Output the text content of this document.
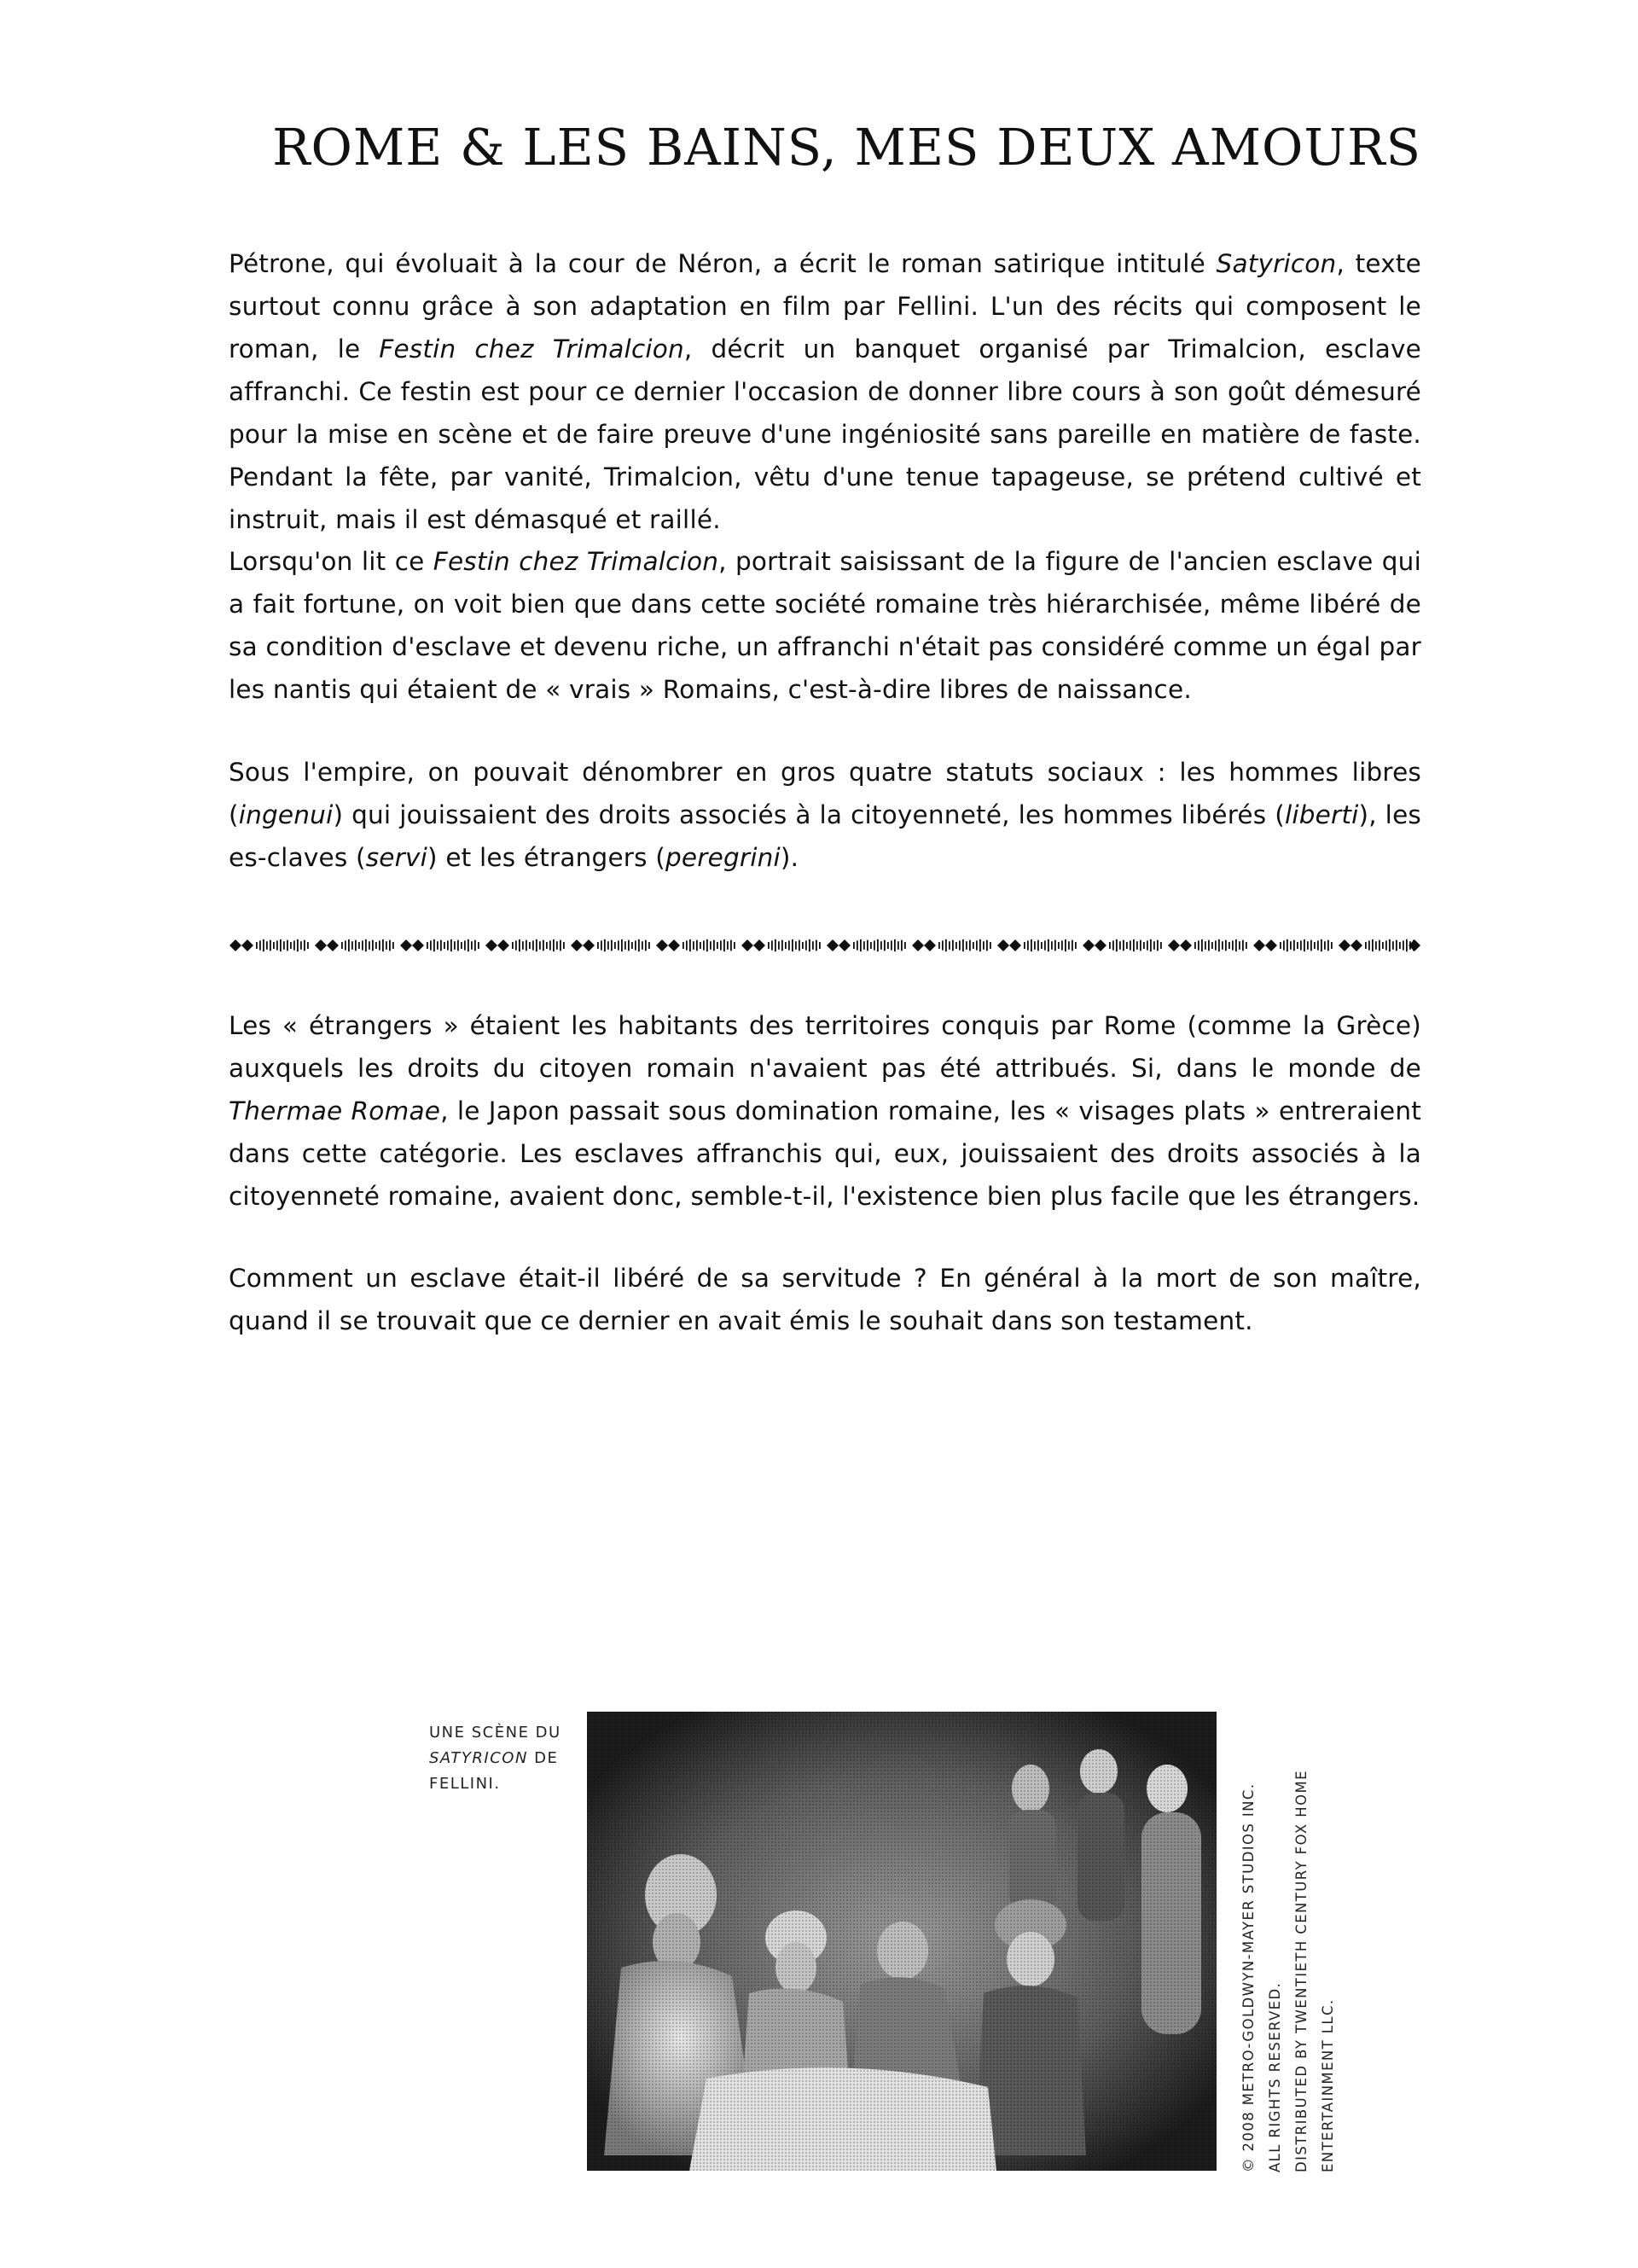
ROME & LES BAINS, MES DEUX AMOURS

Pétrone, qui évoluait à la cour de Néron, a écrit le roman satirique intitulé Satyricon, texte surtout connu grâce à son adaptation en film par Fellini. L'un des récits qui composent le roman, le Festin chez Trimalcion, décrit un banquet organisé par Trimalcion, esclave affranchi. Ce festin est pour ce dernier l'occasion de donner libre cours à son goût démesuré pour la mise en scène et de faire preuve d'une ingéniosité sans pareille en matière de faste. Pendant la fête, par vanité, Trimalcion, vêtu d'une tenue tapageuse, se prétend cultivé et instruit, mais il est démasqué et raillé.

Lorsqu'on lit ce Festin chez Trimalcion, portrait saisissant de la figure de l'ancien esclave qui a fait fortune, on voit bien que dans cette société romaine très hiérarchisée, même libéré de sa condition d'esclave et devenu riche, un affranchi n'était pas considéré comme un égal par les nantis qui étaient de « vrais » Romains, c'est-à-dire libres de naissance.

Sous l'empire, on pouvait dénombrer en gros quatre statuts sociaux : les hommes libres (ingenui) qui jouissaient des droits associés à la citoyenneté, les hommes libérés (liberti), les es-claves (servi) et les étrangers (peregrini).

Les « étrangers » étaient les habitants des territoires conquis par Rome (comme la Grèce) auxquels les droits du citoyen romain n'avaient pas été attribués. Si, dans le monde de Thermae Romae, le Japon passait sous domination romaine, les « visages plats » entreraient dans cette catégorie. Les esclaves affranchis qui, eux, jouissaient des droits associés à la citoyenneté romaine, avaient donc, semble-t-il, l'existence bien plus facile que les étrangers.

Comment un esclave était-il libéré de sa servitude ? En général à la mort de son maître, quand il se trouvait que ce dernier en avait émis le souhait dans son testament.

UNE SCÈNE DU
SATYRICON DE
FELLINI.	© 2008 METRO-GOLDWYN-MAYER STUDIOS INC. ALL RIGHTS RESERVED. DISTRIBUTED BY TWENTIETH CENTURY FOX HOME ENTERTAINMENT LLC.
